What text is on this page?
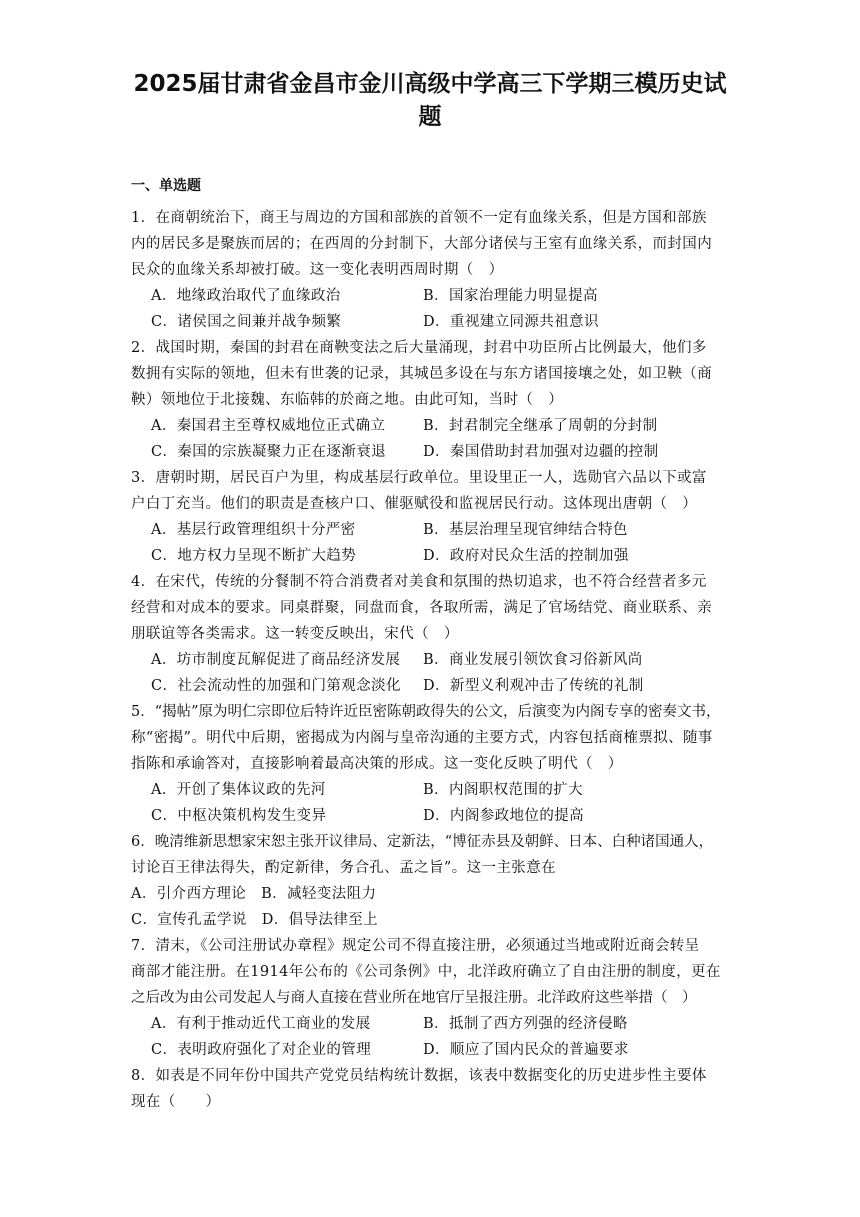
2025届甘肃省金昌市金川高级中学高三下学期三模历史试
题
一、单选题
1．在商朝统治下，商王与周边的方国和部族的首领不一定有血缘关系，但是方国和部族
内的居民多是聚族而居的；在西周的分封制下，大部分诸侯与王室有血缘关系，而封国内
民众的血缘关系却被打破。这一变化表明西周时期（　）
A．地缘政治取代了血缘政治	B．国家治理能力明显提高
C．诸侯国之间兼并战争频繁	D．重视建立同源共祖意识
2．战国时期，秦国的封君在商鞅变法之后大量涌现，封君中功臣所占比例最大，他们多
数拥有实际的领地，但未有世袭的记录，其城邑多设在与东方诸国接壤之处，如卫鞅（商
鞅）领地位于北接魏、东临韩的於商之地。由此可知，当时（　）
A．秦国君主至尊权威地位正式确立	B．封君制完全继承了周朝的分封制
C．秦国的宗族凝聚力正在逐渐衰退	D．秦国借助封君加强对边疆的控制
3．唐朝时期，居民百户为里，构成基层行政单位。里设里正一人，选勋官六品以下或富
户白丁充当。他们的职责是查核户口、催驱赋役和监视居民行动。这体现出唐朝（　）
A．基层行政管理组织十分严密	B．基层治理呈现官绅结合特色
C．地方权力呈现不断扩大趋势	D．政府对民众生活的控制加强
4．在宋代，传统的分餐制不符合消费者对美食和氛围的热切追求，也不符合经营者多元
经营和对成本的要求。同桌群聚，同盘而食，各取所需，满足了官场结党、商业联系、亲
朋联谊等各类需求。这一转变反映出，宋代（　）
A．坊市制度瓦解促进了商品经济发展	B．商业发展引领饮食习俗新风尚
C．社会流动性的加强和门第观念淡化	D．新型义利观冲击了传统的礼制
5．“揭帖”原为明仁宗即位后特许近臣密陈朝政得失的公文，后演变为内阁专享的密奏文书，
称“密揭”。明代中后期，密揭成为内阁与皇帝沟通的主要方式，内容包括商榷票拟、随事
指陈和承谕答对，直接影响着最高决策的形成。这一变化反映了明代（　）
A．开创了集体议政的先河	B．内阁职权范围的扩大
C．中枢决策机构发生变异	D．内阁参政地位的提高
6．晚清维新思想家宋恕主张开议律局、定新法，“博征赤县及朝鲜、日本、白种诸国通人，
讨论百王律法得失，酌定新律，务合孔、孟之旨”。这一主张意在
A．引介西方理论　B．减轻变法阻力
C．宣传孔孟学说　D．倡导法律至上
7．清末，《公司注册试办章程》规定公司不得直接注册，必须通过当地或附近商会转呈
商部才能注册。在1914年公布的《公司条例》中，北洋政府确立了自由注册的制度，更在
之后改为由公司发起人与商人直接在营业所在地官厅呈报注册。北洋政府这些举措（　）
A．有利于推动近代工商业的发展	B．抵制了西方列强的经济侵略
C．表明政府强化了对企业的管理	D．顺应了国内民众的普遍要求
8．如表是不同年份中国共产党党员结构统计数据，该表中数据变化的历史进步性主要体
现在（　　）
